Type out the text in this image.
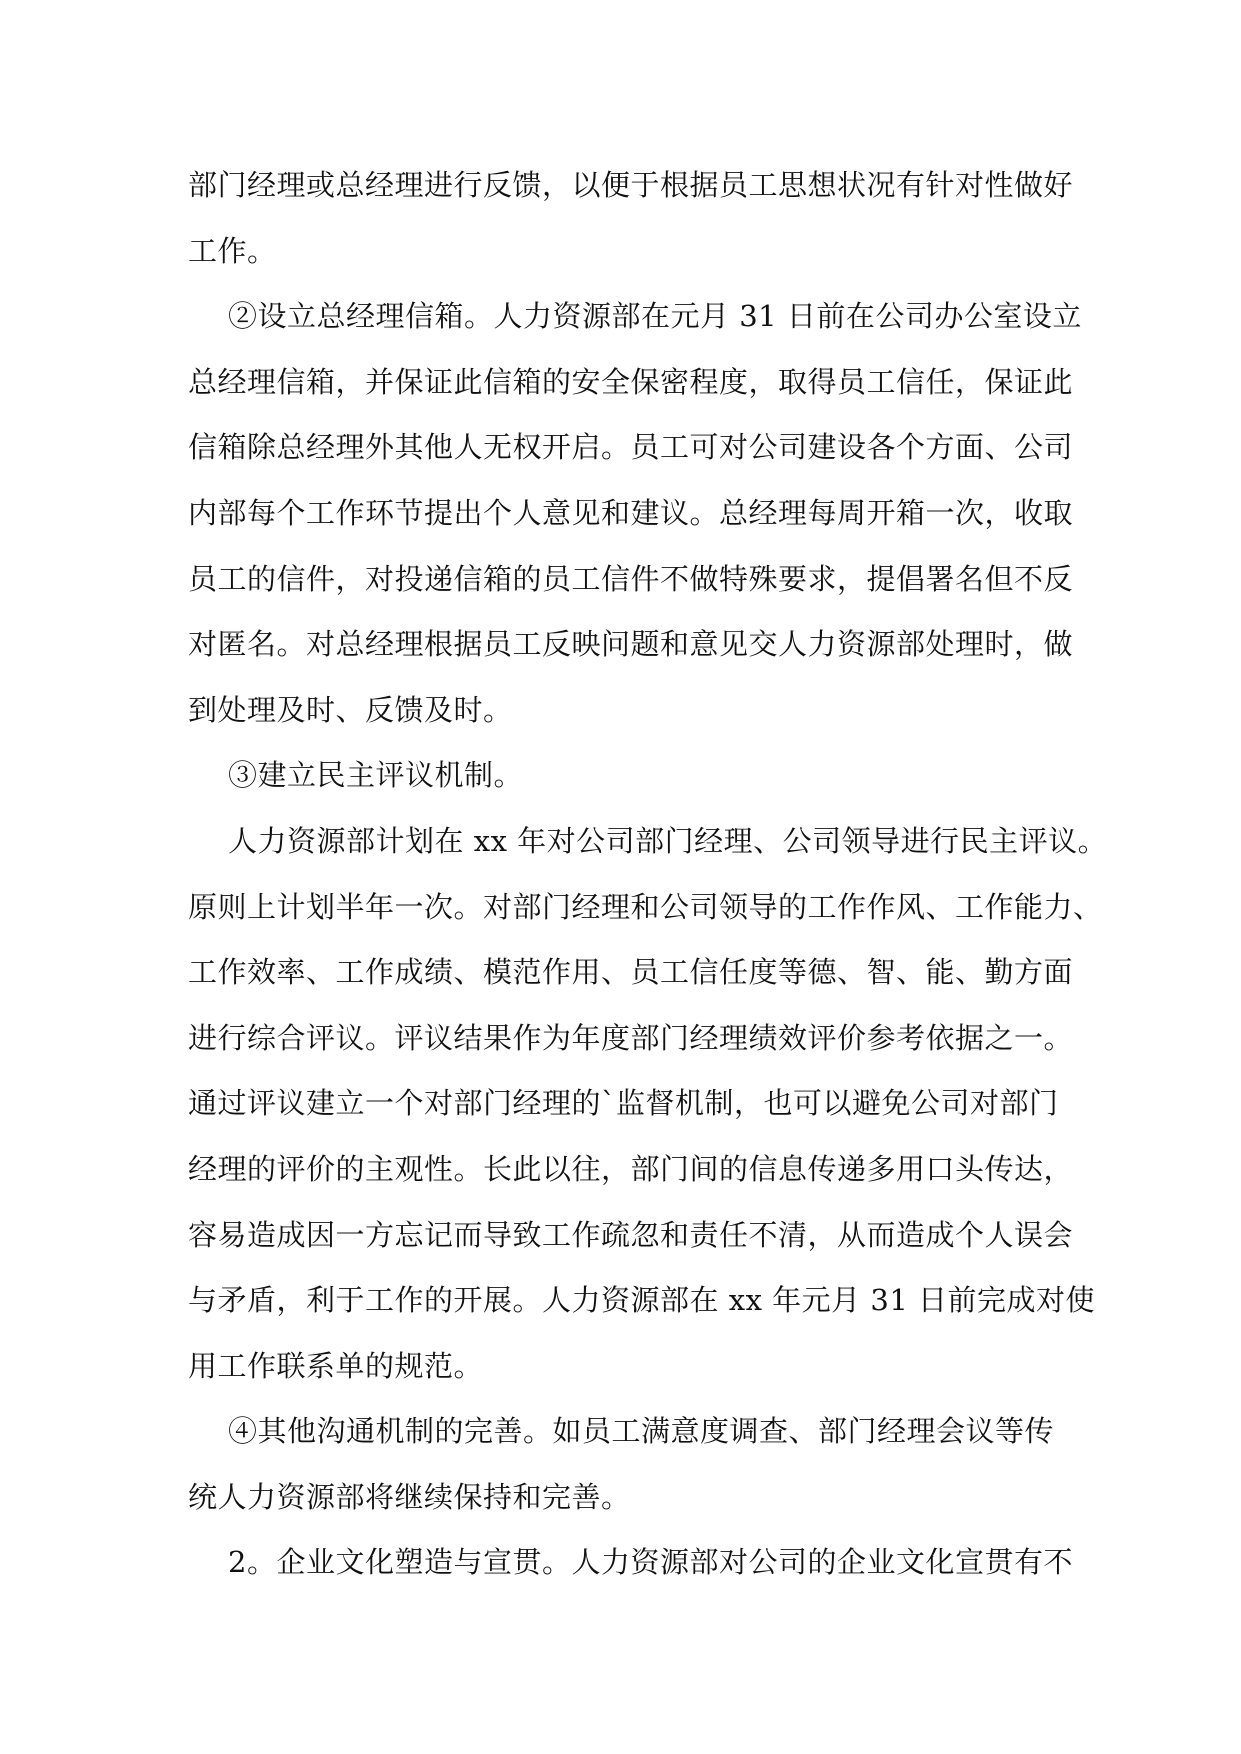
部门经理或总经理进行反馈，以便于根据员工思想状况有针对性做好
工作。
②设立总经理信箱。人力资源部在元月 31 日前在公司办公室设立
总经理信箱，并保证此信箱的安全保密程度，取得员工信任，保证此
信箱除总经理外其他人无权开启。员工可对公司建设各个方面、公司
内部每个工作环节提出个人意见和建议。总经理每周开箱一次，收取
员工的信件，对投递信箱的员工信件不做特殊要求，提倡署名但不反
对匿名。对总经理根据员工反映问题和意见交人力资源部处理时，做
到处理及时、反馈及时。
③建立民主评议机制。
人力资源部计划在 xx 年对公司部门经理、公司领导进行民主评议。
原则上计划半年一次。对部门经理和公司领导的工作作风、工作能力、
工作效率、工作成绩、模范作用、员工信任度等德、智、能、勤方面
进行综合评议。评议结果作为年度部门经理绩效评价参考依据之一。
通过评议建立一个对部门经理的`监督机制，也可以避免公司对部门
经理的评价的主观性。长此以往，部门间的信息传递多用口头传达，
容易造成因一方忘记而导致工作疏忽和责任不清，从而造成个人误会
与矛盾，利于工作的开展。人力资源部在 xx 年元月 31 日前完成对使
用工作联系单的规范。
④其他沟通机制的完善。如员工满意度调查、部门经理会议等传
统人力资源部将继续保持和完善。
2。企业文化塑造与宣贯。人力资源部对公司的企业文化宣贯有不
